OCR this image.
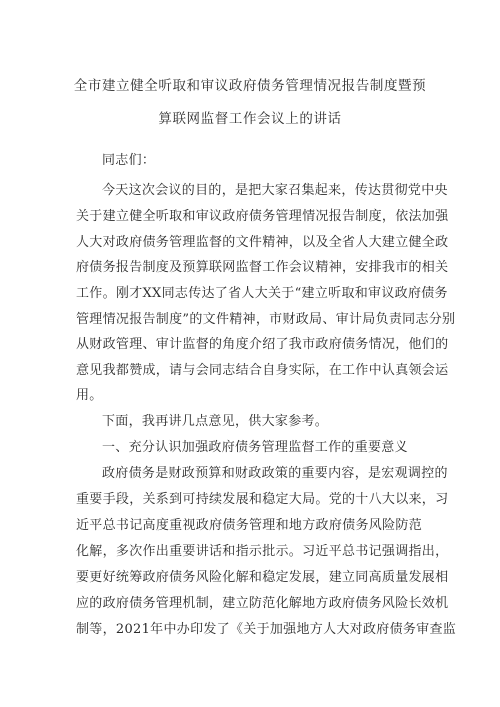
全市建立健全听取和审议政府债务管理情况报告制度暨预
算联网监督工作会议上的讲话
同志们：
今天这次会议的目的，是把大家召集起来，传达贯彻党中央
关于建立健全听取和审议政府债务管理情况报告制度，依法加强
人大对政府债务管理监督的文件精神，以及全省人大建立健全政
府债务报告制度及预算联网监督工作会议精神，安排我市的相关
工作。刚才XX同志传达了省人大关于“建立听取和审议政府债务
管理情况报告制度”的文件精神，市财政局、审计局负责同志分别
从财政管理、审计监督的角度介绍了我市政府债务情况，他们的
意见我都赞成，请与会同志结合自身实际，在工作中认真领会运
用。
下面，我再讲几点意见，供大家参考。
一、充分认识加强政府债务管理监督工作的重要意义
政府债务是财政预算和财政政策的重要内容，是宏观调控的
重要手段，关系到可持续发展和稳定大局。党的十八大以来，习
近平总书记高度重视政府债务管理和地方政府债务风险防范
化解，多次作出重要讲话和指示批示。习近平总书记强调指出，
要更好统筹政府债务风险化解和稳定发展，建立同高质量发展相
应的政府债务管理机制，建立防范化解地方政府债务风险长效机
制等，2021年中办印发了《关于加强地方人大对政府债务审查监
